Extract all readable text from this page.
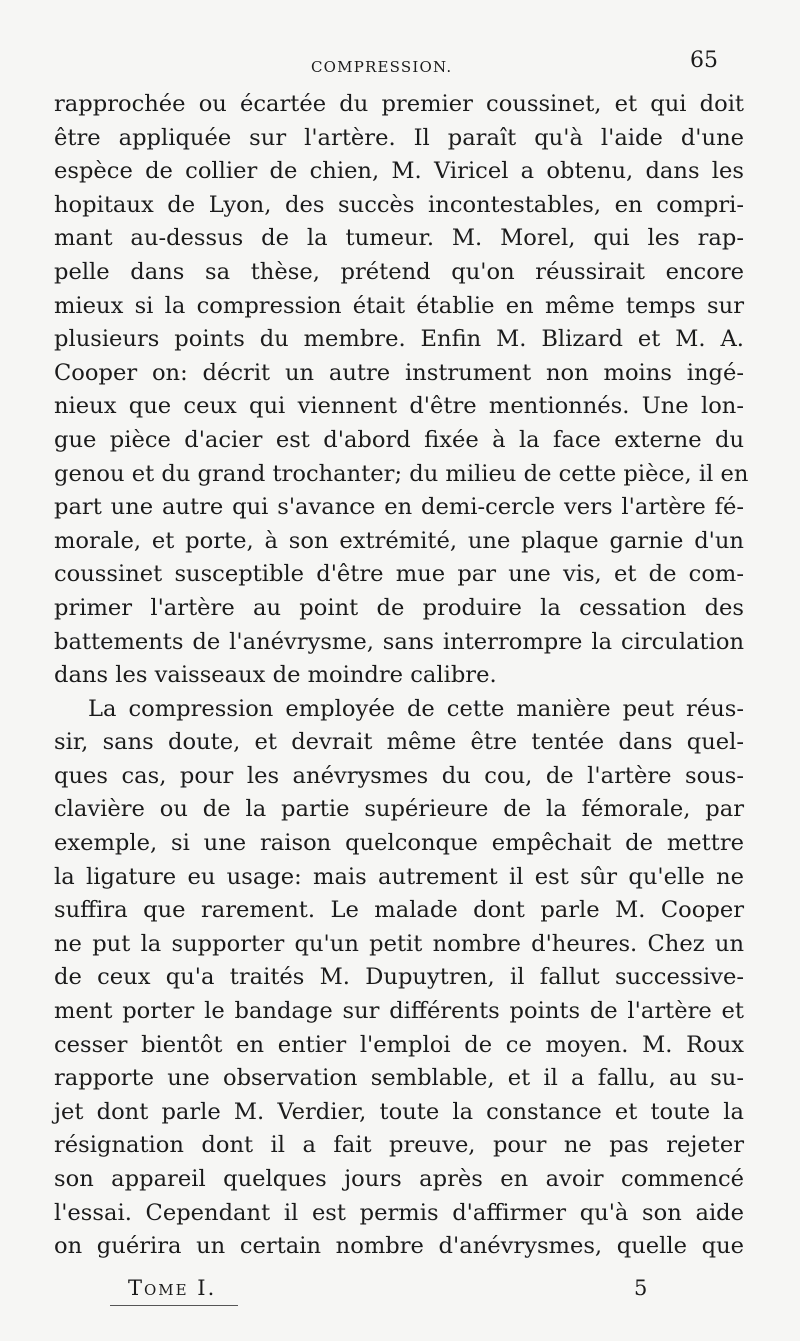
COMPRESSION.	65
rapprochée ou écartée du premier coussinet, et qui doit
être appliquée sur l'artère. Il paraît qu'à l'aide d'une
espèce de collier de chien, M. Viricel a obtenu, dans les
hopitaux de Lyon, des succès incontestables, en compri-
mant au-dessus de la tumeur. M. Morel, qui les rap-
pelle dans sa thèse, prétend qu'on réussirait encore
mieux si la compression était établie en même temps sur
plusieurs points du membre. Enfin M. Blizard et M. A.
Cooper on: décrit un autre instrument non moins ingé-
nieux que ceux qui viennent d'être mentionnés. Une lon-
gue pièce d'acier est d'abord fixée à la face externe du
genou et du grand trochanter; du milieu de cette pièce, il en
part une autre qui s'avance en demi-cercle vers l'artère fé-
morale, et porte, à son extrémité, une plaque garnie d'un
coussinet susceptible d'être mue par une vis, et de com-
primer l'artère au point de produire la cessation des
battements de l'anévrysme, sans interrompre la circulation
dans les vaisseaux de moindre calibre.
La compression employée de cette manière peut réus-
sir, sans doute, et devrait même être tentée dans quel-
ques cas, pour les anévrysmes du cou, de l'artère sous-
clavière ou de la partie supérieure de la fémorale, par
exemple, si une raison quelconque empêchait de mettre
la ligature eu usage: mais autrement il est sûr qu'elle ne
suffira que rarement. Le malade dont parle M. Cooper
ne put la supporter qu'un petit nombre d'heures. Chez un
de ceux qu'a traités M. Dupuytren, il fallut successive-
ment porter le bandage sur différents points de l'artère et
cesser bientôt en entier l'emploi de ce moyen. M. Roux
rapporte une observation semblable, et il a fallu, au su-
jet dont parle M. Verdier, toute la constance et toute la
résignation dont il a fait preuve, pour ne pas rejeter
son appareil quelques jours après en avoir commencé
l'essai. Cependant il est permis d'affirmer qu'à son aide
on guérira un certain nombre d'anévrysmes, quelle que
Tome I.	5
